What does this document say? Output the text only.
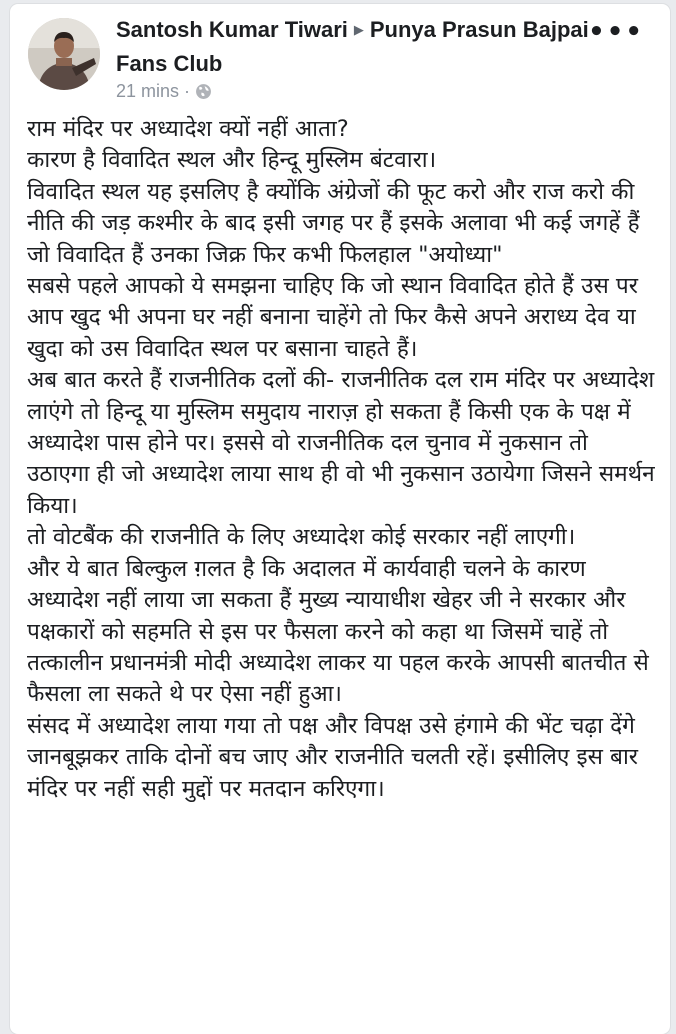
Santosh Kumar Tiwari ▶ Punya Prasun Bajpai Fans Club
21 mins ·
•••
राम मंदिर पर अध्यादेश क्यों नहीं आता?
कारण है विवादित स्थल और हिन्दू मुस्लिम बंटवारा।
विवादित स्थल यह इसलिए है क्योंकि अंग्रेजों की फूट करो और राज करो की नीति की जड़ कश्मीर के बाद इसी जगह पर हैं इसके अलावा भी कई जगहें हैं जो विवादित हैं उनका जिक्र फिर कभी फिलहाल "अयोध्या"
सबसे पहले आपको ये समझना चाहिए कि जो स्थान विवादित होते हैं उस पर आप खुद भी अपना घर नहीं बनाना चाहेंगे तो फिर कैसे अपने अराध्य देव या खुदा को उस विवादित स्थल पर बसाना चाहते हैं।
अब बात करते हैं राजनीतिक दलों की- राजनीतिक दल राम मंदिर पर अध्यादेश लाएंगे तो हिन्दू या मुस्लिम समुदाय नाराज़ हो सकता हैं किसी एक के पक्ष में अध्यादेश पास होने पर। इससे वो राजनीतिक दल चुनाव में नुकसान तो उठाएगा ही जो अध्यादेश लाया साथ ही वो भी नुकसान उठायेगा जिसने समर्थन किया।
तो वोटबैंक की राजनीति के लिए अध्यादेश कोई सरकार नहीं लाएगी।
और ये बात बिल्कुल ग़लत है कि अदालत में कार्यवाही चलने के कारण अध्यादेश नहीं लाया जा सकता हैं मुख्य न्यायाधीश खेहर जी ने सरकार और पक्षकारों को सहमति से इस पर फैसला करने को कहा था जिसमें चाहें तो तत्कालीन प्रधानमंत्री मोदी अध्यादेश लाकर या पहल करके आपसी बातचीत से फैसला ला सकते थे पर ऐसा नहीं हुआ।
संसद में अध्यादेश लाया गया तो पक्ष और विपक्ष उसे हंगामे की भेंट चढ़ा देंगे जानबूझकर ताकि दोनों बच जाए और राजनीति चलती रहें। इसीलिए इस बार मंदिर पर नहीं सही मुद्दों पर मतदान करिएगा।
